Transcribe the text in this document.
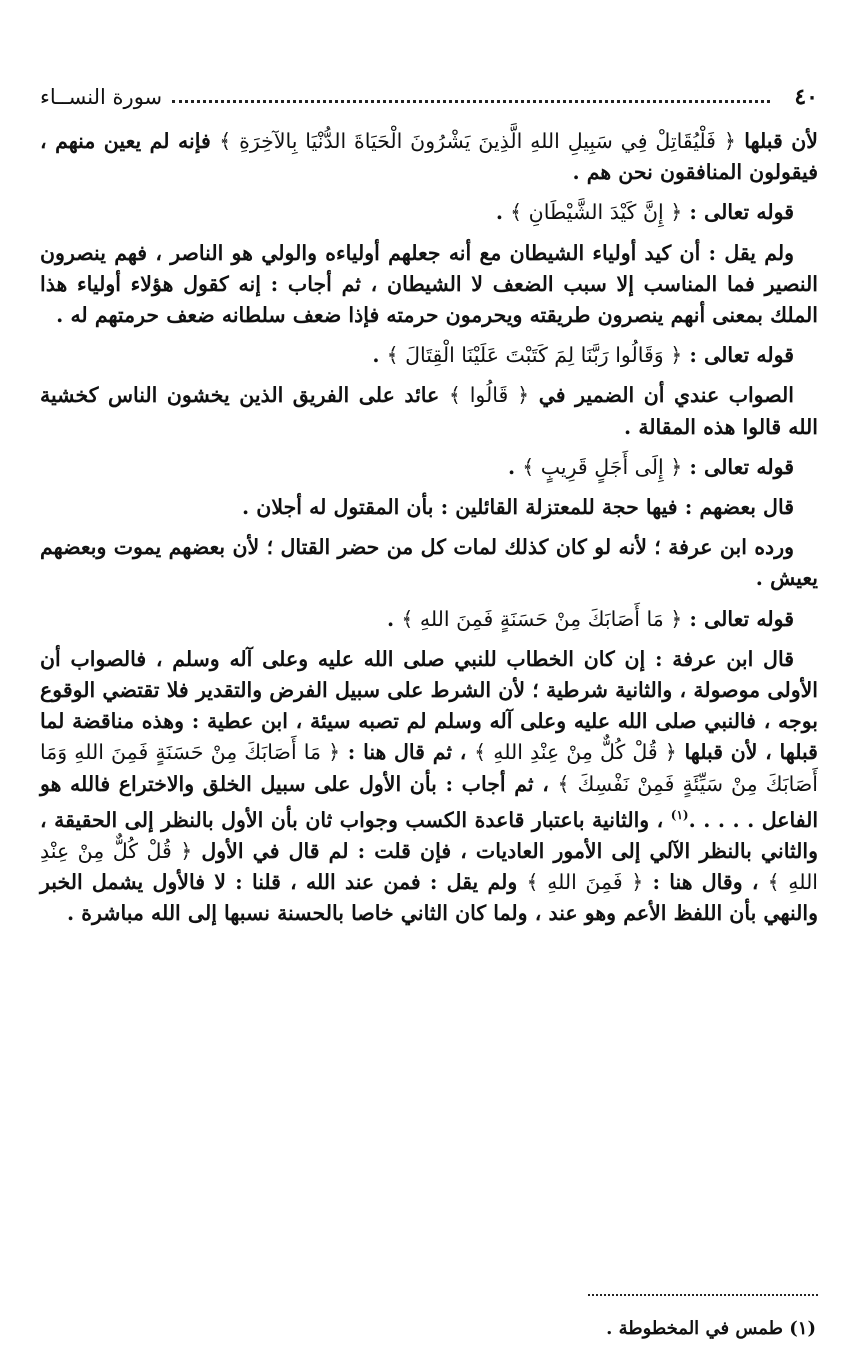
٤٠
سورة النســاء

لأن قبلها ﴿ فَلْيُقَاتِلْ فِي سَبِيلِ اللهِ الَّذِينَ يَشْرُونَ الْحَيَاةَ الدُّنْيَا بِالآخِرَةِ ﴾ فإنه لم يعين منهم ، فيقولون المنافقون نحن هم .

قوله تعالى : ﴿ إِنَّ كَيْدَ الشَّيْطَانِ ﴾ .

ولم يقل : أن كيد أولياء الشيطان مع أنه جعلهم أولياءه والولي هو الناصر ، فهم ينصرون النصير فما المناسب إلا سبب الضعف لا الشيطان ، ثم أجاب : إنه كقول هؤلاء أولياء هذا الملك بمعنى أنهم ينصرون طريقته ويحرمون حرمته فإذا ضعف سلطانه ضعف حرمتهم له .

قوله تعالى : ﴿ وَقَالُوا رَبَّنَا لِمَ كَتَبْتَ عَلَيْنَا الْقِتَالَ ﴾ .

الصواب عندي أن الضمير في ﴿ قَالُوا ﴾ عائد على الفريق الذين يخشون الناس كخشية الله قالوا هذه المقالة .

قوله تعالى : ﴿ إِلَى أَجَلٍ قَرِيبٍ ﴾ .

قال بعضهم : فيها حجة للمعتزلة القائلين : بأن المقتول له أجلان .

ورده ابن عرفة ؛ لأنه لو كان كذلك لمات كل من حضر القتال ؛ لأن بعضهم يموت وبعضهم يعيش .

قوله تعالى : ﴿ مَا أَصَابَكَ مِنْ حَسَنَةٍ فَمِنَ اللهِ ﴾ .

قال ابن عرفة : إن كان الخطاب للنبي صلى الله عليه وعلى آله وسلم ، فالصواب أن الأولى موصولة ، والثانية شرطية ؛ لأن الشرط على سبيل الفرض والتقدير فلا تقتضي الوقوع بوجه ، فالنبي صلى الله عليه وعلى آله وسلم لم تصبه سيئة ، ابن عطية : وهذه مناقضة لما قبلها ، لأن قبلها ﴿ قُلْ كُلٌّ مِنْ عِنْدِ اللهِ ﴾ ، ثم قال هنا : ﴿ مَا أَصَابَكَ مِنْ حَسَنَةٍ فَمِنَ اللهِ وَمَا أَصَابَكَ مِنْ سَيِّئَةٍ فَمِنْ نَفْسِكَ ﴾ ، ثم أجاب : بأن الأول على سبيل الخلق والاختراع فالله هو الفاعل . . . . .$^{(١)}$ ، والثانية باعتبار قاعدة الكسب وجواب ثان بأن الأول بالنظر إلى الحقيقة ، والثاني بالنظر الآلي إلى الأمور العاديات ، فإن قلت : لم قال في الأول ﴿ قُلْ كُلٌّ مِنْ عِنْدِ اللهِ ﴾ ، وقال هنا : ﴿ فَمِنَ اللهِ ﴾ ولم يقل : فمن عند الله ، قلنا : لا فالأول يشمل الخبر والنهي بأن اللفظ الأعم وهو عند ، ولما كان الثاني خاصا بالحسنة نسبها إلى الله مباشرة .

(١) طمس في المخطوطة .
